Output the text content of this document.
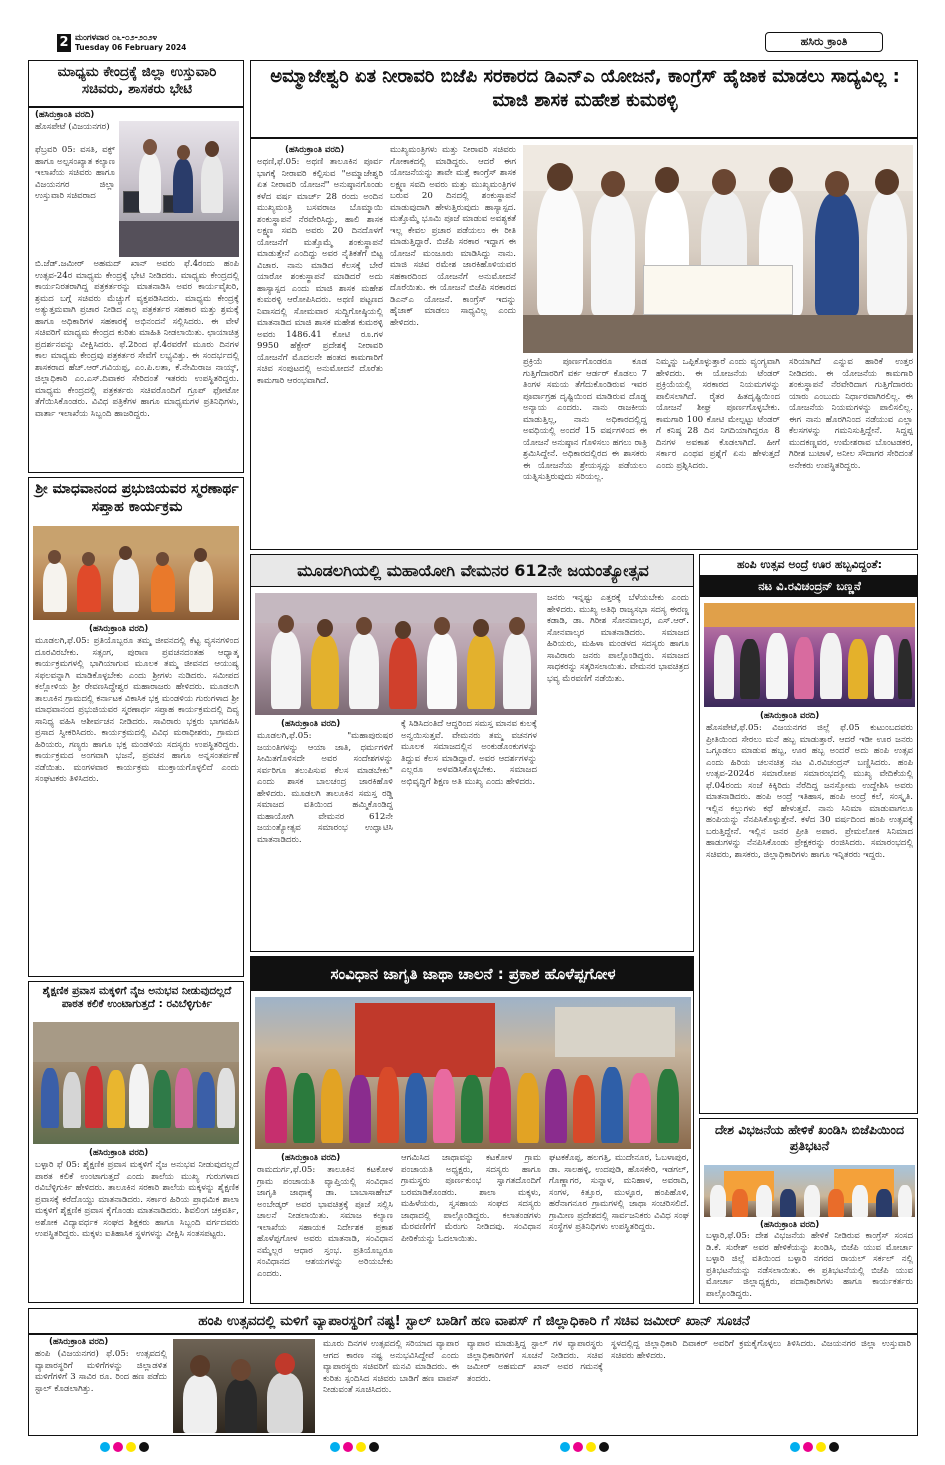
2 ಮಂಗಳವಾರ ೦೬-೦೨-೨೦೨೪
Tuesday 06 February 2024	ಹಸಿರು ಕ್ರಾಂತಿ
ಮಾಧ್ಯಮ ಕೇಂದ್ರಕ್ಕೆ ಜಿಲ್ಲಾ ಉಸ್ತುವಾರಿ ಸಚಿವರು, ಶಾಸಕರು ಭೇಟಿ
(ಹಸಿರುಕ್ರಾಂತಿ ವರದಿ)
ಹೊಸಪೇಟೆ (ವಿಜಯನಗರ)
ಫೆಬ್ರವರಿ 05: ವಸತಿ, ವಕ್ಫ್ ಹಾಗೂ ಅಲ್ಪಸಂಖ್ಯಾತ ಕಲ್ಯಾಣ ಇಲಾಖೆಯ ಸಚಿವರು ಹಾಗೂ ವಿಜಯನಗರ ಜಿಲ್ಲಾ ಉಸ್ತುವಾರಿ ಸಚಿವರಾದ
ಬಿ.ಜೆಡ್.ಜಮೀರ್ ಅಹಮದ್ ಖಾನ್ ಅವರು ಫೆ.4ರಂದು ಹಂಪಿ ಉತ್ಸವ-24ರ ಮಾಧ್ಯಮ ಕೇಂದ್ರಕ್ಕೆ ಭೇಟಿ ನೀಡಿದರು. ಮಾಧ್ಯಮ ಕೇಂದ್ರದಲ್ಲಿ ಕಾರ್ಯನಿರತರಾಗಿದ್ದ ಪತ್ರಕರ್ತರನ್ನು ಮಾತನಾಡಿಸಿ ಅವರ ಕಾರ್ಯವೈಖರಿ, ಶ್ರಮದ ಬಗ್ಗೆ ಸಚಿವರು ಮೆಚ್ಚುಗೆ ವ್ಯಕ್ತಪಡಿಸಿದರು. ಮಾಧ್ಯಮ ಕೇಂದ್ರಕ್ಕೆ ಅತ್ಯುತ್ತಮವಾಗಿ ಪ್ರಚಾರ ನೀಡಿದ ಎಲ್ಲ ಪತ್ರಕರ್ತರ ಸಹಕಾರ ಮತ್ತು ಶ್ರಮಕ್ಕೆ ಹಾಗೂ ಅಧಿಕಾರಿಗಳ ಸಹಕಾರಕ್ಕೆ ಅಭಿನಂದನೆ ಸಲ್ಲಿಸಿದರು. ಈ ವೇಳೆ ಸಚಿವರಿಗೆ ಮಾಧ್ಯಮ ಕೇಂದ್ರದ ಕುರಿತು ಮಾಹಿತಿ ನೀಡಲಾಯಿತು. ಛಾಯಾಚಿತ್ರ ಪ್ರದರ್ಶನವನ್ನು ವೀಕ್ಷಿಸಿದರು. ಫೆ.2ರಿಂದ ಫೆ.4ರವರೆಗೆ ಮೂರು ದಿನಗಳ ಕಾಲ ಮಾಧ್ಯಮ ಕೇಂದ್ರವು ಪತ್ರಕರ್ತರ ಸೇವೆಗೆ ಲಭ್ಯವಿತ್ತು. ಈ ಸಂದರ್ಭದಲ್ಲಿ ಶಾಸಕರಾದ ಹೆಚ್.ಆರ್.ಗವಿಯಪ್ಪ, ಎಂ.ಪಿ.ಲತಾ, ಕೆ.ನೇಮಿರಾಜ ನಾಯ್ಕ್, ಜಿಲ್ಲಾಧಿಕಾರಿ ಎಂ.ಎಸ್.ದಿವಾಕರ ಸೇರಿದಂತೆ ಇತರರು ಉಪಸ್ಥಿತರಿದ್ದರು. ಮಾಧ್ಯಮ ಕೇಂದ್ರದಲ್ಲಿ ಪತ್ರಕರ್ತರು ಸಚಿವರೊಂದಿಗೆ ಗ್ರೂಪ್ ಫೋಟೋ ತೆಗೆಯಿಸಿಕೊಂಡರು. ವಿವಿಧ ಪತ್ರಿಕೆಗಳ ಹಾಗೂ ಮಾಧ್ಯಮಗಳ ಪ್ರತಿನಿಧಿಗಳು, ವಾರ್ತಾ ಇಲಾಖೆಯ ಸಿಬ್ಬಂದಿ ಹಾಜರಿದ್ದರು.
ಶ್ರೀ ಮಾಧವಾನಂದ ಪ್ರಭುಜಿಯವರ ಸ್ಮರಣಾರ್ಥ ಸಪ್ತಾಹ ಕಾರ್ಯಕ್ರಮ
(ಹಸಿರುಕ್ರಾಂತಿ ವರದಿ)
ಮೂಡಲಗಿ,ಫೆ.05: ಪ್ರತಿಯೊಬ್ಬರೂ ತಮ್ಮ ಜೀವನದಲ್ಲಿ ಕೆಟ್ಟ ವ್ಯಸನಗಳಿಂದ ದೂರವಿರಬೇಕು. ಸತ್ಸಂಗ, ಪುರಾಣ ಪ್ರವಚನದಂತಹ ಆಧ್ಯಾತ್ಮ ಕಾರ್ಯಕ್ರಮಗಳಲ್ಲಿ ಭಾಗಿಯಾಗುವ ಮೂಲಕ ತಮ್ಮ ಜೀವನದ ಆಯುಷ್ಯ ಸಫಲವನ್ನಾಗಿ ಮಾಡಿಕೊಳ್ಳಬೇಕು ಎಂದು ಶ್ರೀಗಳು ನುಡಿದರು. ಸಮೀಪದ ಕಲ್ಲೋಳಿಯ ಶ್ರೀ ರೇವಣಸಿದ್ಧೇಶ್ವರ ಮಹಾರಾಜರು ಹೇಳಿದರು. ಮೂಡಲಗಿ ತಾಲೂಕಿನ ಗ್ರಾಮದಲ್ಲಿ ಕರ್ನಾಟಕ ವಿಕಾಸಿಕ ಭಕ್ತ ಮಂಡಳಿಯ ಗುರುಗಳಾದ ಶ್ರೀ ಮಾಧವಾನಂದ ಪ್ರಭುಜಿಯವರ ಸ್ಮರಣಾರ್ಥ ಸಪ್ತಾಹ ಕಾರ್ಯಕ್ರಮದಲ್ಲಿ ದಿವ್ಯ ಸಾನಿಧ್ಯ ವಹಿಸಿ ಆಶೀರ್ವಚನ ನೀಡಿದರು. ಸಾವಿರಾರು ಭಕ್ತರು ಭಾಗವಹಿಸಿ ಪ್ರಸಾದ ಸ್ವೀಕರಿಸಿದರು. ಕಾರ್ಯಕ್ರಮದಲ್ಲಿ ವಿವಿಧ ಮಠಾಧೀಶರು, ಗ್ರಾಮದ ಹಿರಿಯರು, ಗಣ್ಯರು ಹಾಗೂ ಭಕ್ತ ಮಂಡಳಿಯ ಸದಸ್ಯರು ಉಪಸ್ಥಿತರಿದ್ದರು. ಕಾರ್ಯಕ್ರಮದ ಅಂಗವಾಗಿ ಭಜನೆ, ಪ್ರವಚನ ಹಾಗೂ ಅನ್ನಸಂತರ್ಪಣೆ ನಡೆಯಿತು. ಮಂಗಳವಾರ ಕಾರ್ಯಕ್ರಮ ಮುಕ್ತಾಯಗೊಳ್ಳಲಿದೆ ಎಂದು ಸಂಘಟಕರು ತಿಳಿಸಿದರು.
ಶೈಕ್ಷಣಿಕ ಪ್ರವಾಸ ಮಕ್ಕಳಿಗೆ ನೈಜ ಅನುಭವ ನೀಡುವುದಲ್ಲದೆ ಪಾಠತ ಕಲಿಕೆ ಉಂಟಾಗುತ್ತದೆ : ರವಿಬೆಳ್ಳಿಗುರ್ಕಿ
(ಹಸಿರುಕ್ರಾಂತಿ ವರದಿ)
ಬಳ್ಳಾರಿ ಫೆ 05: ಶೈಕ್ಷಣಿಕ ಪ್ರವಾಸ ಮಕ್ಕಳಿಗೆ ನೈಜ ಅನುಭವ ನೀಡುವುದಲ್ಲದೆ ಪಾಠತ ಕಲಿಕೆ ಉಂಟಾಗುತ್ತದೆ ಎಂದು ಶಾಲೆಯ ಮುಖ್ಯ ಗುರುಗಳಾದ ರವಿಬೆಳ್ಳಿಗುರ್ಕಿ ಹೇಳಿದರು. ತಾಲೂಕಿನ ಸರಕಾರಿ ಶಾಲೆಯ ಮಕ್ಕಳನ್ನು ಶೈಕ್ಷಣಿಕ ಪ್ರವಾಸಕ್ಕೆ ಕರೆದೊಯ್ದು ಮಾತನಾಡಿದರು. ಸರ್ಕಾರ ಹಿರಿಯ ಪ್ರಾಥಮಿಕ ಶಾಲಾ ಮಕ್ಕಳಿಗೆ ಶೈಕ್ಷಣಿಕ ಪ್ರವಾಸ ಕೈಗೊಂಡು ಮಾತನಾಡಿದರು. ಶಿವಲಿಂಗ ಚಕ್ರವರ್ತಿ, ಅಶೋಕ ವಿದ್ಯಾವರ್ಧಕ ಸಂಘದ ಶಿಕ್ಷಕರು ಹಾಗೂ ಸಿಬ್ಬಂದಿ ವರ್ಗದವರು ಉಪಸ್ಥಿತರಿದ್ದರು. ಮಕ್ಕಳು ಐತಿಹಾಸಿಕ ಸ್ಥಳಗಳನ್ನು ವೀಕ್ಷಿಸಿ ಸಂತಸಪಟ್ಟರು.
ಅಮ್ಮಾಜೇಶ್ವರಿ ಏತ ನೀರಾವರಿ ಬಿಜೆಪಿ ಸರಕಾರದ ಡಿಎನ್‌ಎ ಯೋಜನೆ, ಕಾಂಗ್ರೆಸ್ ಹೈಜಾಕ ಮಾಡಲು ಸಾದ್ಯವಿಲ್ಲ : ಮಾಜಿ ಶಾಸಕ ಮಹೇಶ ಕುಮಠಳ್ಳಿ
(ಹಸಿರುಕ್ರಾಂತಿ ವರದಿ)
ಅಥಣಿ,ಫೆ.05: ಅಥಣಿ ತಾಲೂಕಿನ ಪೂರ್ವ ಭಾಗಕ್ಕೆ ನೀರಾವರಿ ಕಲ್ಪಿಸುವ "ಅಮ್ಮಾಜೇಶ್ವರಿ ಏತ ನೀರಾವರಿ ಯೋಜನೆ" ಅನುಷ್ಠಾನಗೊಂಡು ಕಳೆದ ವರ್ಷ ಮಾರ್ಚ್ 28 ರಂದು ಅಂದಿನ ಮುಖ್ಯಮಂತ್ರಿ ಬಸವರಾಜ ಬೊಮ್ಮಾಯಿ ಶಂಕುಸ್ಥಾಪನೆ ನೆರವೇರಿಸಿದ್ದು, ಹಾಲಿ ಶಾಸಕ ಲಕ್ಷ್ಮಣ ಸವದಿ ಅವರು 20 ದಿನದೊಳಗೆ ಯೋಜನೆಗೆ ಮತ್ತೊಮ್ಮೆ ಶಂಕುಸ್ಥಾಪನೆ ಮಾಡುತ್ತೇನೆ ಎಂದಿದ್ದು ಅವರ ನೈತಿಕತೆಗೆ ಬಿಟ್ಟ ವಿಚಾರ. ನಾನು ಮಾಡಿದ ಕೆಲಸಕ್ಕೆ ಬೇರೆ ಯಾರೋ ಶಂಕುಸ್ಥಾಪನೆ ಮಾಡಿದರೆ ಅದು ಹಾಸ್ಯಾಸ್ಪದ ಎಂದು ಮಾಜಿ ಶಾಸಕ ಮಹೇಶ ಕುಮಠಳ್ಳಿ ಆರೋಪಿಸಿದರು. ಅಥಣಿ ಪಟ್ಟಣದ ನಿವಾಸದಲ್ಲಿ ಸೋಮವಾರ ಸುದ್ದಿಗೋಷ್ಠಿಯಲ್ಲಿ ಮಾತನಾಡಿದ ಮಾಜಿ ಶಾಸಕ ಮಹೇಶ ಕುಮಠಳ್ಳಿ ಅವರು 1486.41 ಕೋಟಿ ರೂ.ಗಳ 9950 ಹೆಕ್ಟೇರ್ ಪ್ರದೇಶಕ್ಕೆ ನೀರಾವರಿ ಯೋಜನೆಗೆ ಮೊದಲನೇ ಹಂತದ ಕಾಮಗಾರಿಗೆ ಸಚಿವ ಸಂಪುಟದಲ್ಲಿ ಅನುಮೋದನೆ ದೊರೆತು ಕಾಮಗಾರಿ ಆರಂಭವಾಗಿದೆ.
ಮುಖ್ಯಮಂತ್ರಿಗಳು ಮತ್ತು ನೀರಾವರಿ ಸಚಿವರು ಗೋಕಾಕದಲ್ಲಿ ಮಾಡಿದ್ದರು. ಆದರೆ ಈಗ ಯೋಜನೆಯನ್ನು ತಾವೇ ಮತ್ತೆ ಕಾಂಗ್ರೆಸ್ ಶಾಸಕ ಲಕ್ಷ್ಮಣ ಸವದಿ ಅವರು ಮತ್ತು ಮುಖ್ಯಮಂತ್ರಿಗಳ ಬರುವ 20 ದಿನದಲ್ಲಿ ಶಂಕುಸ್ಥಾಪನೆ ಮಾಡುವುದಾಗಿ ಹೇಳುತ್ತಿರುವುದು ಹಾಸ್ಯಾಸ್ಪದ. ಮತ್ತೊಮ್ಮೆ ಭೂಮಿ ಪೂಜೆ ಮಾಡುವ ಅವಶ್ಯಕತೆ ಇಲ್ಲ ಕೇವಲ ಪ್ರಚಾರ ಪಡೆಯಲು ಈ ರೀತಿ ಮಾಡುತ್ತಿದ್ದಾರೆ. ಬಿಜೆಪಿ ಸರಕಾರ ಇದ್ದಾಗ ಈ ಯೋಜನೆ ಮಂಜೂರು ಮಾಡಿಸಿದ್ದು ನಾನು. ಮಾಜಿ ಸಚಿವ ರಮೇಶ ಜಾರಕಿಹೊಳಿಯವರ ಸಹಕಾರದಿಂದ ಯೋಜನೆಗೆ ಅನುಮೋದನೆ ದೊರೆಯಿತು. ಈ ಯೋಜನೆ ಬಿಜೆಪಿ ಸರಕಾರದ ಡಿಎನ್‌ಎ ಯೋಜನೆ. ಕಾಂಗ್ರೆಸ್ ಇದನ್ನು ಹೈಜಾಕ್ ಮಾಡಲು ಸಾಧ್ಯವಿಲ್ಲ ಎಂದು ಹೇಳಿದರು.
ಪ್ರಕ್ರಿಯೆ ಪೂರ್ಣಗೊಂಡರೂ ಕೂಡ ಗುತ್ತಿಗೆದಾರರಿಗೆ ವರ್ಕ ಆರ್ಡರ್ ಕೊಡಲು 7 ತಿಂಗಳ ಸಮಯ ತೆಗೆದುಕೊಂಡಿರುವ ಇವರ ಪೂರ್ವಾಗ್ರಹ ದೃಷ್ಟಿಯಿಂದ ಮಾಡಿರುವ ದೊಡ್ಡ ಅನ್ಯಾಯ ಎಂದರು. ನಾನು ರಾಜಕೀಯ ಮಾಡುತ್ತಿಲ್ಲ, ನಾನು ಅಧಿಕಾರದಲ್ಲಿದ್ದ ಅವಧಿಯಲ್ಲಿ ಅಂದರೆ 15 ವರ್ಷಗಳಿಂದ ಈ ಯೋಜನೆ ಅನುಷ್ಠಾನ ಗೊಳಿಸಲು ಹಗಲು ರಾತ್ರಿ ಶ್ರಮಿಸಿದ್ದೇನೆ. ಅಧಿಕಾರದಲ್ಲಿರದ ಈ ಶಾಸಕರು ಈ ಯೋಜನೆಯ ಶ್ರೇಯಸ್ಸನ್ನು ಪಡೆಯಲು ಯತ್ನಿಸುತ್ತಿರುವುದು ಸರಿಯಲ್ಲ.
ನಿಮ್ಮನ್ನು ಒಪ್ಪಿಕೊಳ್ಳುತ್ತಾರೆ ಎಂದು ವ್ಯಂಗ್ಯವಾಗಿ ಹೇಳಿದರು. ಈ ಯೋಜನೆಯ ಟೆಂಡರ್ ಪ್ರಕ್ರಿಯೆಯಲ್ಲಿ ಸರಕಾರದ ನಿಯಮಗಳನ್ನು ಪಾಲಿಸಲಾಗಿದೆ. ರೈತರ ಹಿತದೃಷ್ಟಿಯಿಂದ ಯೋಜನೆ ಶೀಘ್ರ ಪೂರ್ಣಗೊಳ್ಳಬೇಕು. ಕಾಮಗಾರಿ 100 ಕೋಟಿ ಮೇಲ್ಪಟ್ಟು ಟೆಂಡರ್ ಗೆ ಕನಿಷ್ಠ 28 ದಿನ ನಿಗದಿಯಾಗಿದ್ದರೂ 8 ದಿನಗಳ ಅವಕಾಶ ಕೊಡಲಾಗಿದೆ. ಹೀಗೆ ಸರ್ಕಾರ ಎಂಥವ ಪ್ರಶ್ನೆಗೆ ಏನು ಹೇಳುತ್ತದೆ ಎಂದು ಪ್ರಶ್ನಿಸಿದರು.
ಸರಿಯಾಗಿದೆ ಎನ್ನುವ ಹಾರಿಕೆ ಉತ್ತರ ನೀಡಿದರು. ಈ ಯೋಜನೆಯ ಕಾಮಗಾರಿ ಶಂಕುಸ್ಥಾಪನೆ ನೆರವೇರಿದಾಗ ಗುತ್ತಿಗೆದಾರರು ಯಾರು ಎಂಬುದು ನಿರ್ಧಾರವಾಗಿರಲಿಲ್ಲ. ಈ ಯೋಜನೆಯ ನಿಯಮಗಳನ್ನು ಪಾಲಿಸಲಿಲ್ಲ. ಈಗ ನಾನು ಹೊರಗಿನಿಂದ ನಡೆಯುವ ಎಲ್ಲಾ ಕೆಲಸಗಳನ್ನು ಗಮನಿಸುತ್ತಿದ್ದೇನೆ. ಸಿದ್ದಪ್ಪ ಮುದಕಣ್ಣವರ, ಉಮೇಶರಾವ ಬೊಂಟಡಕರ, ಗಿರೀಶ ಬುಟಾಳೆ, ಅನೀಲ ಸೌದಾಗರ ಸೇರಿದಂತೆ ಅನೇಕರು ಉಪಸ್ಥಿತರಿದ್ದರು.
ಮೂಡಲಗಿಯಲ್ಲಿ ಮಹಾಯೋಗಿ ವೇಮನರ 612ನೇ ಜಯಂತ್ಯೋತ್ಸವ
(ಹಸಿರುಕ್ರಾಂತಿ ವರದಿ)
ಮೂಡಲಗಿ,ಫೆ.05: "ಮಹಾಪುರುಷರ ಜಯಂತಿಗಳನ್ನು ಆಯಾ ಜಾತಿ, ಧರ್ಮಗಳಿಗೆ ಸೀಮಿತಗೊಳಿಸದೇ ಅವರ ಸಂದೇಶಗಳನ್ನು ಸರ್ವರಿಗೂ ತಲುಪಿಸುವ ಕೆಲಸ ಮಾಡಬೇಕು" ಎಂದು ಶಾಸಕ ಬಾಲಚಂದ್ರ ಜಾರಕಿಹೊಳಿ ಹೇಳಿದರು. ಮೂಡಲಗಿ ತಾಲೂಕಿನ ಸಮಸ್ತ ರಡ್ಡಿ ಸಮಾಜದ ವತಿಯಿಂದ ಹಮ್ಮಿಕೊಂಡಿದ್ದ ಮಹಾಯೋಗಿ ವೇಮನರ 612ನೇ ಜಯಂತ್ಯೋತ್ಸವ ಸಮಾರಂಭ ಉದ್ಘಾಟಿಸಿ ಮಾತನಾಡಿದರು.
ಕ್ಕೆ ಸಿಡಿಸಿದಂತಿದೆ ಆದ್ದರಿಂದ ಸಮಸ್ತ ಮಾನವ ಕುಲಕ್ಕೆ ಅನ್ವಯಿಸುತ್ತವೆ. ವೇಮನರು ತಮ್ಮ ವಚನಗಳ ಮೂಲಕ ಸಮಾಜದಲ್ಲಿನ ಅಂಕುಡೊಂಕುಗಳನ್ನು ತಿದ್ದುವ ಕೆಲಸ ಮಾಡಿದ್ದಾರೆ. ಅವರ ಆದರ್ಶಗಳನ್ನು ಎಲ್ಲರೂ ಅಳವಡಿಸಿಕೊಳ್ಳಬೇಕು. ಸಮಾಜದ ಅಭಿವೃದ್ಧಿಗೆ ಶಿಕ್ಷಣ ಅತಿ ಮುಖ್ಯ ಎಂದು ಹೇಳಿದರು.
ಜನರು ಇನ್ನಷ್ಟು ಎತ್ತರಕ್ಕೆ ಬೆಳೆಯಬೇಕು ಎಂದು ಹೇಳಿದರು. ಮುಖ್ಯ ಅತಿಥಿ ರಾಜ್ಯಸಭಾ ಸದಸ್ಯ ಈರಣ್ಣ ಕಡಾಡಿ, ಡಾ. ಗಿರೀಶ ಸೋನವಾಲ್ಕರ, ಎಸ್.ಆರ್. ಸೋನವಾಲ್ಕರ ಮಾತನಾಡಿದರು. ಸಮಾಜದ ಹಿರಿಯರು, ಮಹಿಳಾ ಮಂಡಳದ ಸದಸ್ಯರು ಹಾಗೂ ಸಾವಿರಾರು ಜನರು ಪಾಲ್ಗೊಂಡಿದ್ದರು. ಸಮಾಜದ ಸಾಧಕರನ್ನು ಸತ್ಕರಿಸಲಾಯಿತು. ವೇಮನರ ಭಾವಚಿತ್ರದ ಭವ್ಯ ಮೆರವಣಿಗೆ ನಡೆಯಿತು.
ಹಂಪಿ ಉತ್ಸವ ಅಂದ್ರೆ ಊರ ಹಬ್ಬವಿದ್ದಂತೆ:
ನಟ ವಿ.ರವಿಚಂದ್ರನ್ ಬಣ್ಣನೆ
(ಹಸಿರುಕ್ರಾಂತಿ ವರದಿ)
ಹೊಸಪೇಟೆ,ಫೆ.05: ವಿಜಯನಗರ ಜಿಲ್ಲೆ ಫೆ.05 ಕುಟುಂಬದವರು ಪ್ರೀತಿಯಿಂದ ಸೇರಲು ಮನೆ ಹಬ್ಬ ಮಾಡುತ್ತಾರೆ. ಆದರೆ ಇಡೀ ಊರ ಜನರು ಒಗ್ಗೂಡಲು ಮಾಡುವ ಹಬ್ಬ, ಊರ ಹಬ್ಬ ಅಂದರೆ ಅದು ಹಂಪಿ ಉತ್ಸವ ಎಂದು ಹಿರಿಯ ಚಲನಚಿತ್ರ ನಟ ವಿ.ರವಿಚಂದ್ರನ್ ಬಣ್ಣಿಸಿದರು. ಹಂಪಿ ಉತ್ಸವ-2024ರ ಸಮಾರೋಪ ಸಮಾರಂಭದಲ್ಲಿ ಮುಖ್ಯ ವೇದಿಕೆಯಲ್ಲಿ ಫೆ.04ರಂದು ಸಂಜೆ ಕಿಕ್ಕಿರಿದು ನೆರೆದಿದ್ದ ಜನಸ್ತೋಮ ಉದ್ದೇಶಿಸಿ ಅವರು ಮಾತನಾಡಿದರು. ಹಂಪಿ ಅಂದ್ರೆ ಇತಿಹಾಸ, ಹಂಪಿ ಅಂದ್ರೆ ಕಲೆ, ಸಂಸ್ಕೃತಿ. ಇಲ್ಲಿನ ಕಲ್ಲುಗಳು ಕಥೆ ಹೇಳುತ್ತವೆ. ನಾನು ಸಿನಿಮಾ ಮಾಡುವಾಗಲೂ ಹಂಪಿಯನ್ನು ನೆನಪಿಸಿಕೊಳ್ಳುತ್ತೇನೆ. ಕಳೆದ 30 ವರ್ಷದಿಂದ ಹಂಪಿ ಉತ್ಸವಕ್ಕೆ ಬರುತ್ತಿದ್ದೇನೆ. ಇಲ್ಲಿನ ಜನರ ಪ್ರೀತಿ ಅಪಾರ. ಪ್ರೇಮಲೋಕ ಸಿನಿಮಾದ ಹಾಡುಗಳನ್ನು ನೆನಪಿಸಿಕೊಂಡು ಪ್ರೇಕ್ಷಕರನ್ನು ರಂಜಿಸಿದರು. ಸಮಾರಂಭದಲ್ಲಿ ಸಚಿವರು, ಶಾಸಕರು, ಜಿಲ್ಲಾಧಿಕಾರಿಗಳು ಹಾಗೂ ಇನ್ನಿತರರು ಇದ್ದರು.
ಸಂವಿಧಾನ ಜಾಗೃತಿ ಜಾಥಾ ಚಾಲನೆ : ಪ್ರಕಾಶ ಹೊಳೆಪ್ಪಗೋಳ
(ಹಸಿರುಕ್ರಾಂತಿ ವರದಿ)
ರಾಮದುರ್ಗ,ಫೆ.05: ತಾಲೂಕಿನ ಕಟಕೋಳ ಗ್ರಾಮ ಪಂಚಾಯತಿ ವ್ಯಾಪ್ತಿಯಲ್ಲಿ ಸಂವಿಧಾನ ಜಾಗೃತಿ ಜಾಥಾಕ್ಕೆ ಡಾ. ಬಾಬಾಸಾಹೇಬ್ ಅಂಬೇಡ್ಕರ್ ಅವರ ಭಾವಚಿತ್ರಕ್ಕೆ ಪೂಜೆ ಸಲ್ಲಿಸಿ ಚಾಲನೆ ನೀಡಲಾಯಿತು. ಸಮಾಜ ಕಲ್ಯಾಣ ಇಲಾಖೆಯ ಸಹಾಯಕ ನಿರ್ದೇಶಕ ಪ್ರಕಾಶ ಹೊಳೆಪ್ಪಗೋಳ ಅವರು ಮಾತನಾಡಿ, ಸಂವಿಧಾನ ನಮ್ಮೆಲ್ಲರ ಆಧಾರ ಸ್ತಂಭ. ಪ್ರತಿಯೊಬ್ಬರೂ ಸಂವಿಧಾನದ ಆಶಯಗಳನ್ನು ಅರಿಯಬೇಕು ಎಂದರು.
ಆಗಮಿಸಿದ ಜಾಥಾವನ್ನು ಕಟಕೋಳ ಗ್ರಾಮ ಪಂಚಾಯತಿ ಅಧ್ಯಕ್ಷರು, ಸದಸ್ಯರು ಹಾಗೂ ಗ್ರಾಮಸ್ಥರು ಪೂರ್ಣಕುಂಭ ಸ್ವಾಗತದೊಂದಿಗೆ ಬರಮಾಡಿಕೊಂಡರು. ಶಾಲಾ ಮಕ್ಕಳು, ಮಹಿಳೆಯರು, ಸ್ವಸಹಾಯ ಸಂಘದ ಸದಸ್ಯರು ಜಾಥಾದಲ್ಲಿ ಪಾಲ್ಗೊಂಡಿದ್ದರು. ಕಲಾತಂಡಗಳು ಮೆರವಣಿಗೆಗೆ ಮೆರುಗು ನೀಡಿದವು. ಸಂವಿಧಾನ ಪೀಠಿಕೆಯನ್ನು ಓದಲಾಯಿತು.
ಘಟಕಕೊಪ್ಪ, ಹಲಗತ್ತಿ, ಮುದೇನೂರ, ಓಬಳಾಪುರ, ಡಾ. ಸಾಲಹಳ್ಳಿ, ಉದಪುಡಿ, ಹೊಸಕೇರಿ, ಇಡಗಲ್, ಗೊಣ್ಣಾಗರ, ಸುನ್ನಾಳ, ಮನಿಹಾಳ, ಅವರಾದಿ, ಸಂಗಳ, ಕಿತ್ತೂರ, ಮುಳ್ಳೂರ, ಹಂಪಿಹೊಳಿ, ಹರೆನಾಗನೂರ ಗ್ರಾಮಗಳಲ್ಲಿ ಜಾಥಾ ಸಂಚರಿಸಲಿದೆ. ಗ್ರಾಮೀಣ ಪ್ರದೇಶದಲ್ಲಿ ಸಾರ್ವಜನಿಕರು ವಿವಿಧ ಸಂಘ ಸಂಸ್ಥೆಗಳ ಪ್ರತಿನಿಧಿಗಳು ಉಪಸ್ಥಿತರಿದ್ದರು.
ದೇಶ ವಿಭಜನೆಯ ಹೇಳಿಕೆ ಖಂಡಿಸಿ ಬಿಜೆಪಿಯಿಂದ ಪ್ರತಿಭಟನೆ
(ಹಸಿರುಕ್ರಾಂತಿ ವರದಿ)
ಬಳ್ಳಾರಿ,ಫೆ.05: ದೇಶ ವಿಭಜನೆಯ ಹೇಳಿಕೆ ನೀಡಿರುವ ಕಾಂಗ್ರೆಸ್ ಸಂಸದ ಡಿ.ಕೆ. ಸುರೇಶ್ ಅವರ ಹೇಳಿಕೆಯನ್ನು ಖಂಡಿಸಿ, ಬಿಜೆಪಿ ಯುವ ಮೋರ್ಚಾ ಬಳ್ಳಾರಿ ಜಿಲ್ಲೆ ವತಿಯಿಂದ ಬಳ್ಳಾರಿ ನಗರದ ರಾಯಲ್ ಸರ್ಕಲ್ ನಲ್ಲಿ ಪ್ರತಿಭಟನೆಯನ್ನು ನಡೆಸಲಾಯಿತು. ಈ ಪ್ರತಿಭಟನೆಯಲ್ಲಿ ಬಿಜೆಪಿ ಯುವ ಮೋರ್ಚಾ ಜಿಲ್ಲಾಧ್ಯಕ್ಷರು, ಪದಾಧಿಕಾರಿಗಳು ಹಾಗೂ ಕಾರ್ಯಕರ್ತರು ಪಾಲ್ಗೊಂಡಿದ್ದರು.
ಹಂಪಿ ಉತ್ಸವದಲ್ಲಿ ಮಳಿಗೆ ವ್ಯಾಪಾರಸ್ಥರಿಗೆ ನಷ್ಟ! ಸ್ಟಾಲ್ ಬಾಡಿಗೆ ಹಣ ವಾಪಸ್ ಗೆ ಜಿಲ್ಲಾಧಿಕಾರಿ ಗೆ ಸಚಿವ ಜಮೀರ್ ಖಾನ್ ಸೂಚನೆ
(ಹಸಿರುಕ್ರಾಂತಿ ವರದಿ)
ಹಂಪಿ (ವಿಜಯನಗರ) ಫೆ.05: ಉತ್ಸವದಲ್ಲಿ ವ್ಯಾಪಾರಸ್ಥರಿಗೆ ಮಳಿಗೆಗಳನ್ನು ಜಿಲ್ಲಾಡಳಿತ ಮಳಿಗೆಗಳಿಗೆ 3 ಸಾವಿರ ರೂ. ರಿಂದ ಹಣ ಪಡೆದು ಸ್ಟಾಲ್ ಕೊಡಲಾಗಿತ್ತು.
ಮೂರು ದಿನಗಳ ಉತ್ಸವದಲ್ಲಿ ಸರಿಯಾದ ವ್ಯಾಪಾರ ಆಗದ ಕಾರಣ ನಷ್ಟ ಅನುಭವಿಸಿದ್ದೇವೆ ಎಂದು ವ್ಯಾಪಾರಸ್ಥರು ಸಚಿವರಿಗೆ ಮನವಿ ಮಾಡಿದರು. ಈ ಕುರಿತು ಸ್ಪಂದಿಸಿದ ಸಚಿವರು ಬಾಡಿಗೆ ಹಣ ವಾಪಸ್ ನೀಡುವಂತೆ ಸೂಚಿಸಿದರು.
ವ್ಯಾಪಾರ ಮಾಡುತ್ತಿದ್ದ ಸ್ಟಾಲ್ ಗಳ ವ್ಯಾಪಾರಸ್ಥರು ಜಿಲ್ಲಾಧಿಕಾರಿಗಳಿಗೆ ಸೂಚನೆ ನೀಡಿದರು. ಸಚಿವ ಜಮೀರ್ ಅಹಮದ್ ಖಾನ್ ಅವರ ಗಮನಕ್ಕೆ ತಂದರು.
ಸ್ಥಳದಲ್ಲಿದ್ದ ಜಿಲ್ಲಾಧಿಕಾರಿ ದಿವಾಕರ್ ಅವರಿಗೆ ಕ್ರಮಕೈಗೊಳ್ಳಲು ತಿಳಿಸಿದರು. ವಿಜಯನಗರ ಜಿಲ್ಲಾ ಉಸ್ತುವಾರಿ ಸಚಿವರು ಹೇಳಿದರು.
